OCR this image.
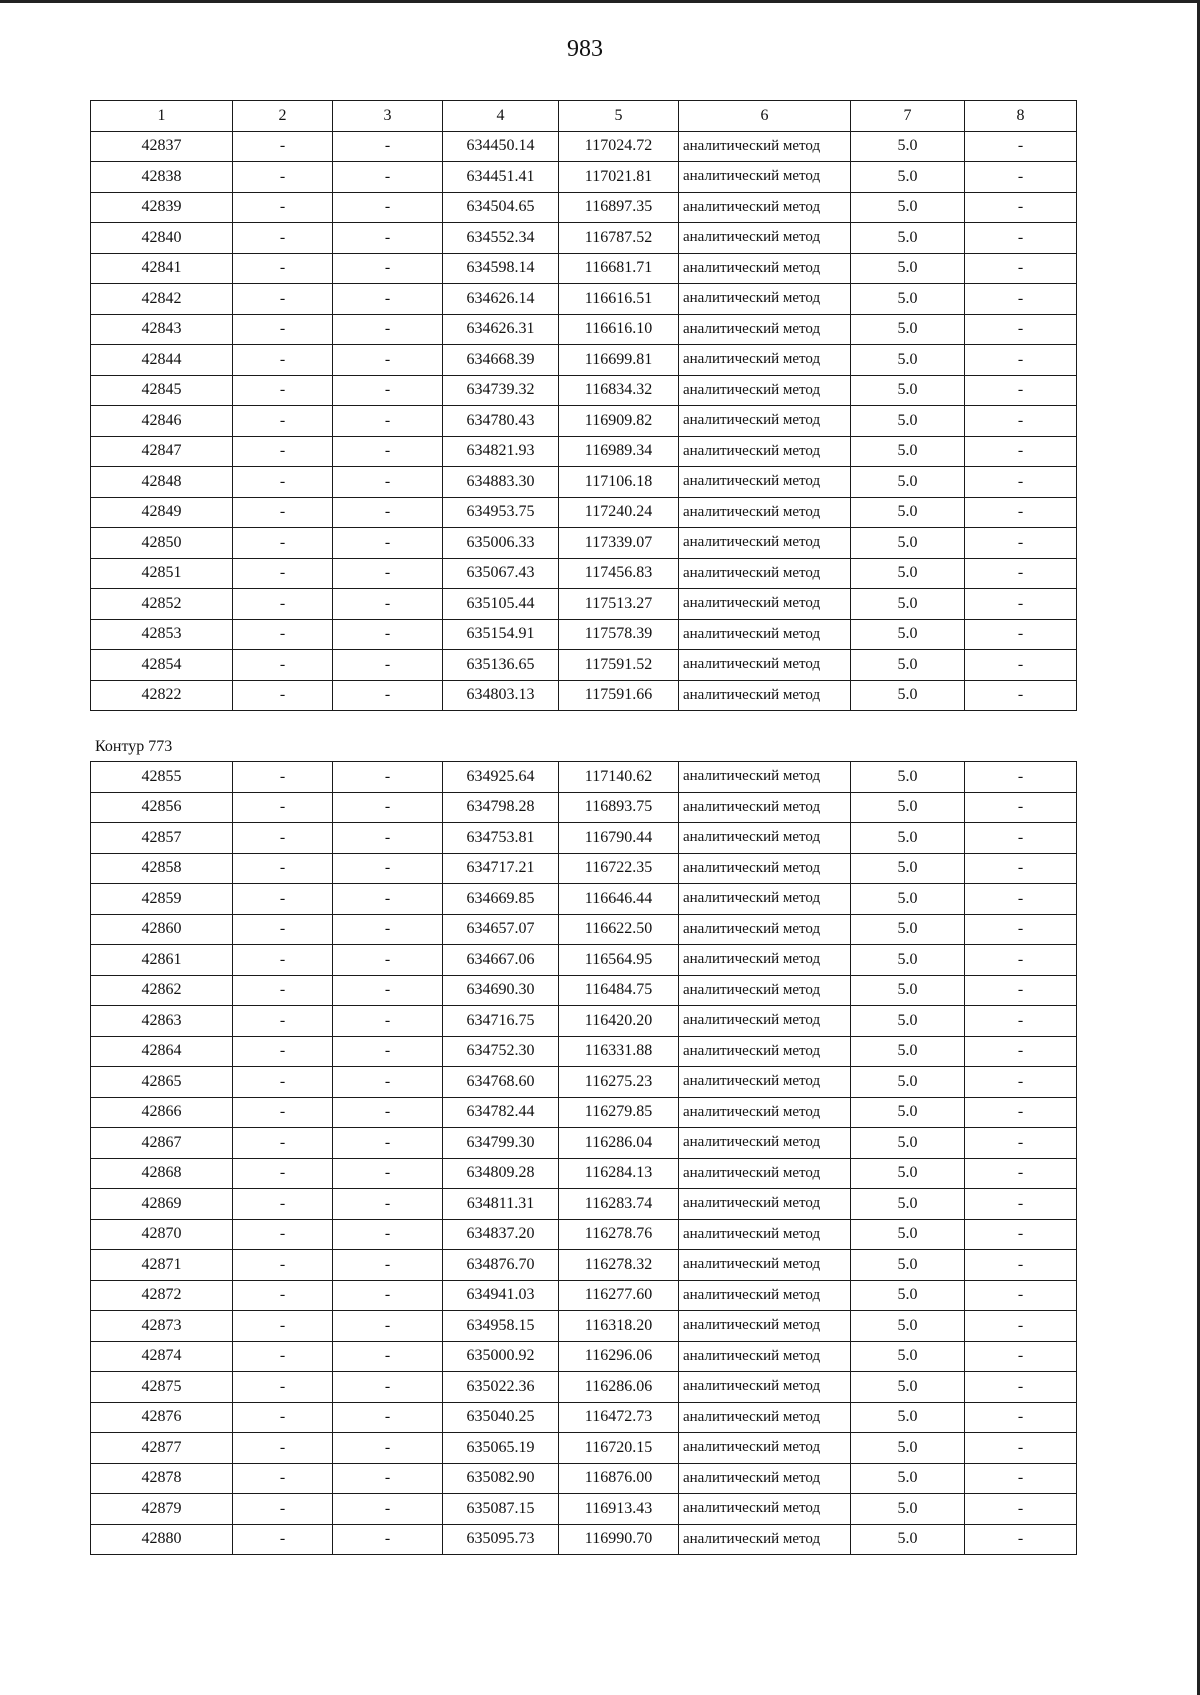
983
1	2	3	4	5	6	7	8
42837	-	-	634450.14	117024.72	аналитический метод	5.0	-
42838	-	-	634451.41	117021.81	аналитический метод	5.0	-
42839	-	-	634504.65	116897.35	аналитический метод	5.0	-
42840	-	-	634552.34	116787.52	аналитический метод	5.0	-
42841	-	-	634598.14	116681.71	аналитический метод	5.0	-
42842	-	-	634626.14	116616.51	аналитический метод	5.0	-
42843	-	-	634626.31	116616.10	аналитический метод	5.0	-
42844	-	-	634668.39	116699.81	аналитический метод	5.0	-
42845	-	-	634739.32	116834.32	аналитический метод	5.0	-
42846	-	-	634780.43	116909.82	аналитический метод	5.0	-
42847	-	-	634821.93	116989.34	аналитический метод	5.0	-
42848	-	-	634883.30	117106.18	аналитический метод	5.0	-
42849	-	-	634953.75	117240.24	аналитический метод	5.0	-
42850	-	-	635006.33	117339.07	аналитический метод	5.0	-
42851	-	-	635067.43	117456.83	аналитический метод	5.0	-
42852	-	-	635105.44	117513.27	аналитический метод	5.0	-
42853	-	-	635154.91	117578.39	аналитический метод	5.0	-
42854	-	-	635136.65	117591.52	аналитический метод	5.0	-
42822	-	-	634803.13	117591.66	аналитический метод	5.0	-
Контур 773
42855	-	-	634925.64	117140.62	аналитический метод	5.0	-
42856	-	-	634798.28	116893.75	аналитический метод	5.0	-
42857	-	-	634753.81	116790.44	аналитический метод	5.0	-
42858	-	-	634717.21	116722.35	аналитический метод	5.0	-
42859	-	-	634669.85	116646.44	аналитический метод	5.0	-
42860	-	-	634657.07	116622.50	аналитический метод	5.0	-
42861	-	-	634667.06	116564.95	аналитический метод	5.0	-
42862	-	-	634690.30	116484.75	аналитический метод	5.0	-
42863	-	-	634716.75	116420.20	аналитический метод	5.0	-
42864	-	-	634752.30	116331.88	аналитический метод	5.0	-
42865	-	-	634768.60	116275.23	аналитический метод	5.0	-
42866	-	-	634782.44	116279.85	аналитический метод	5.0	-
42867	-	-	634799.30	116286.04	аналитический метод	5.0	-
42868	-	-	634809.28	116284.13	аналитический метод	5.0	-
42869	-	-	634811.31	116283.74	аналитический метод	5.0	-
42870	-	-	634837.20	116278.76	аналитический метод	5.0	-
42871	-	-	634876.70	116278.32	аналитический метод	5.0	-
42872	-	-	634941.03	116277.60	аналитический метод	5.0	-
42873	-	-	634958.15	116318.20	аналитический метод	5.0	-
42874	-	-	635000.92	116296.06	аналитический метод	5.0	-
42875	-	-	635022.36	116286.06	аналитический метод	5.0	-
42876	-	-	635040.25	116472.73	аналитический метод	5.0	-
42877	-	-	635065.19	116720.15	аналитический метод	5.0	-
42878	-	-	635082.90	116876.00	аналитический метод	5.0	-
42879	-	-	635087.15	116913.43	аналитический метод	5.0	-
42880	-	-	635095.73	116990.70	аналитический метод	5.0	-
